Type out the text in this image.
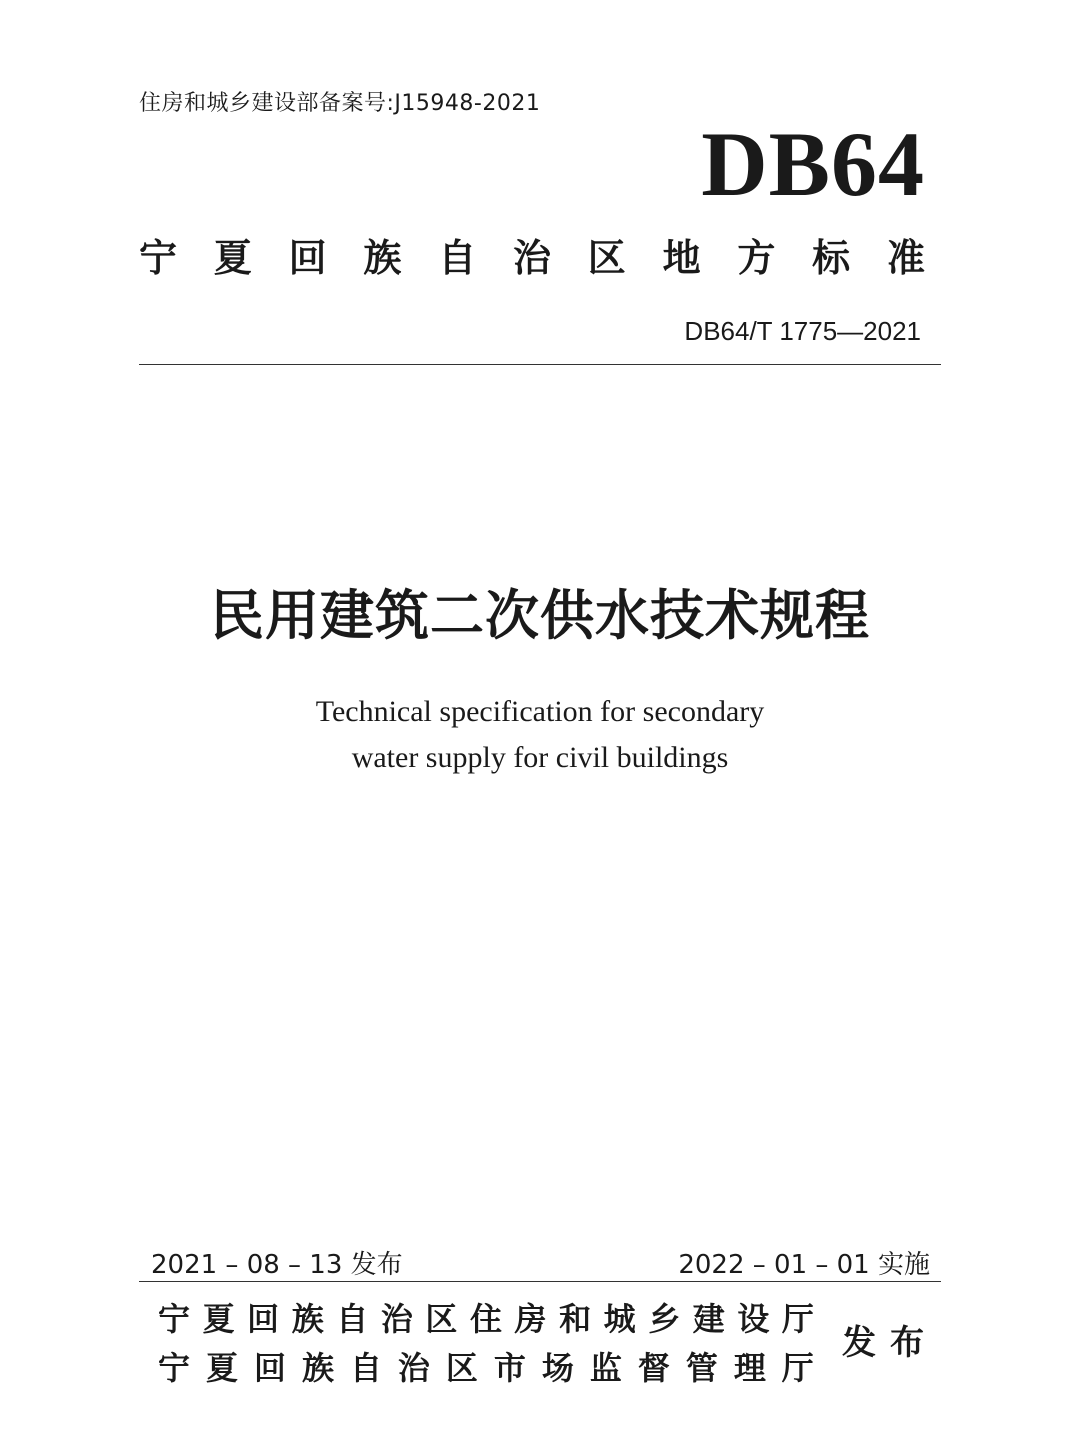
住房和城乡建设部备案号:J15948-2021
DB64
宁 夏 回 族 自 治 区 地 方 标 准
DB64/T 1775—2021
民用建筑二次供水技术规程
Technical specification for secondary
water supply for civil buildings
2021 – 08 – 13 发布	2022 – 01 – 01 实施
宁 夏 回 族 自 治 区 住 房 和 城 乡 建 设 厅
宁 夏 回 族 自 治 区 市 场 监 督 管 理 厅
发 布
